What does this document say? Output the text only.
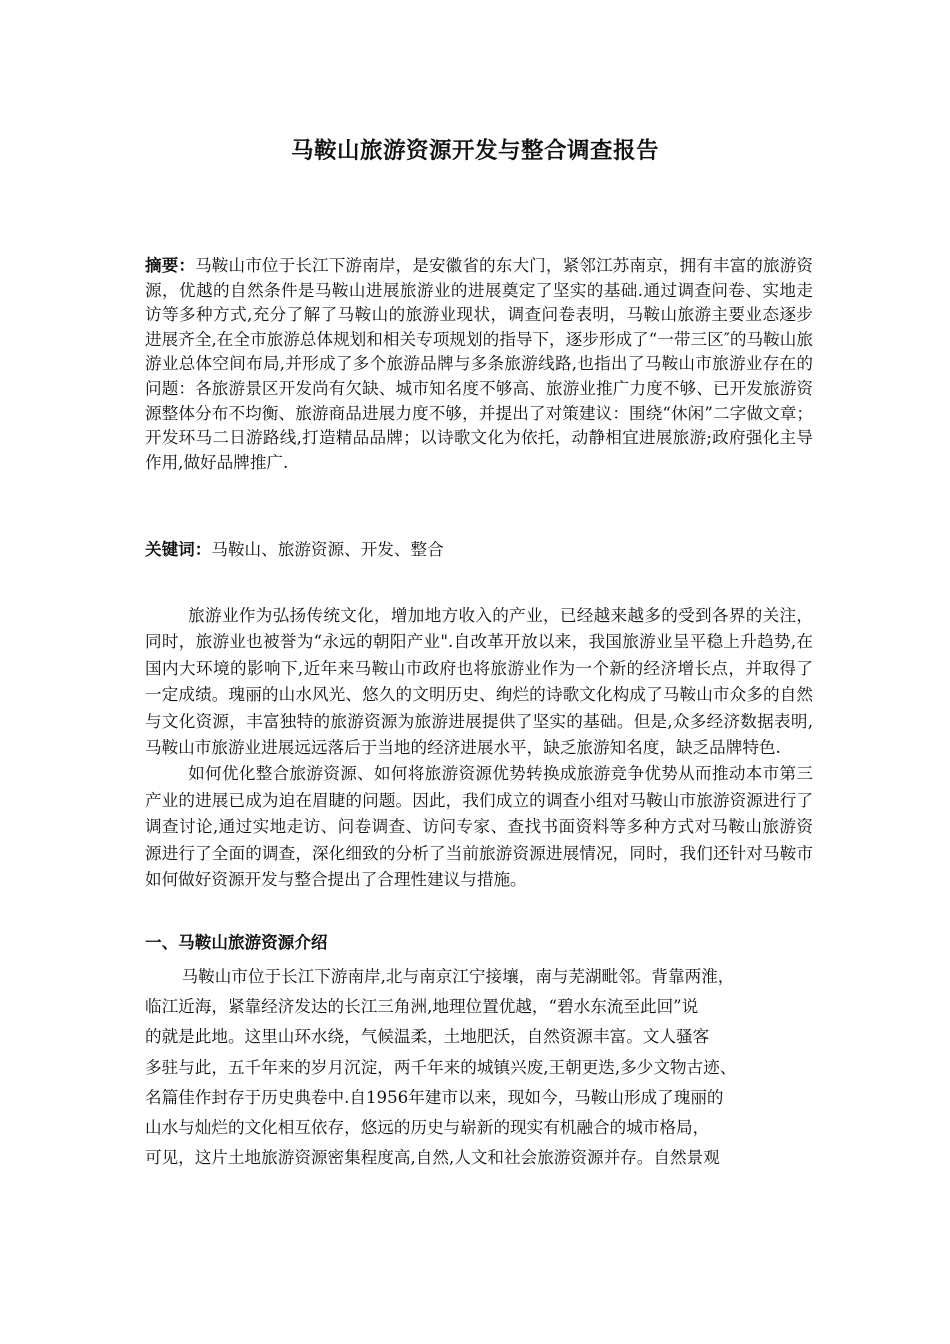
马鞍山旅游资源开发与整合调查报告
摘要：马鞍山市位于长江下游南岸，是安徽省的东大门，紧邻江苏南京，拥有丰富的旅游资源，优越的自然条件是马鞍山进展旅游业的进展奠定了坚实的基础.通过调查问卷、实地走访等多种方式,充分了解了马鞍山的旅游业现状，调查问卷表明，马鞍山旅游主要业态逐步进展齐全,在全市旅游总体规划和相关专项规划的指导下，逐步形成了“一带三区″的马鞍山旅游业总体空间布局,并形成了多个旅游品牌与多条旅游线路,也指出了马鞍山市旅游业存在的问题：各旅游景区开发尚有欠缺、城市知名度不够高、旅游业推广力度不够、已开发旅游资源整体分布不均衡、旅游商品进展力度不够，并提出了对策建议：围绕“休闲”二字做文章；开发环马二日游路线,打造精品品牌；以诗歌文化为依托，动静相宜进展旅游;政府强化主导作用,做好品牌推广.
关键词：马鞍山、旅游资源、开发、整合

旅游业作为弘扬传统文化，增加地方收入的产业，已经越来越多的受到各界的关注，同时，旅游业也被誉为“永远的朝阳产业".自改革开放以来，我国旅游业呈平稳上升趋势,在国内大环境的影响下,近年来马鞍山市政府也将旅游业作为一个新的经济增长点，并取得了一定成绩。瑰丽的山水风光、悠久的文明历史、绚烂的诗歌文化构成了马鞍山市众多的自然与文化资源，丰富独特的旅游资源为旅游进展提供了坚实的基础。但是,众多经济数据表明,马鞍山市旅游业进展远远落后于当地的经济进展水平，缺乏旅游知名度，缺乏品牌特色.

如何优化整合旅游资源、如何将旅游资源优势转换成旅游竞争优势从而推动本市第三产业的进展已成为迫在眉睫的问题。因此，我们成立的调查小组对马鞍山市旅游资源进行了调查讨论,通过实地走访、问卷调查、访问专家、查找书面资料等多种方式对马鞍山旅游资源进行了全面的调查，深化细致的分析了当前旅游资源进展情况，同时，我们还针对马鞍市如何做好资源开发与整合提出了合理性建议与措施。

一、马鞍山旅游资源介绍
马鞍山市位于长江下游南岸,北与南京江宁接壤，南与芜湖毗邻。背靠两淮，
临江近海，紧靠经济发达的长江三角洲,地理位置优越，“碧水东流至此回”说
的就是此地。这里山环水绕，气候温柔，土地肥沃，自然资源丰富。文人骚客
多驻与此，五千年来的岁月沉淀，两千年来的城镇兴废,王朝更迭,多少文物古迹、
名篇佳作封存于历史典卷中.自1956年建市以来，现如今，马鞍山形成了瑰丽的
山水与灿烂的文化相互依存，悠远的历史与崭新的现实有机融合的城市格局，
可见，这片土地旅游资源密集程度高,自然,人文和社会旅游资源并存。自然景观
